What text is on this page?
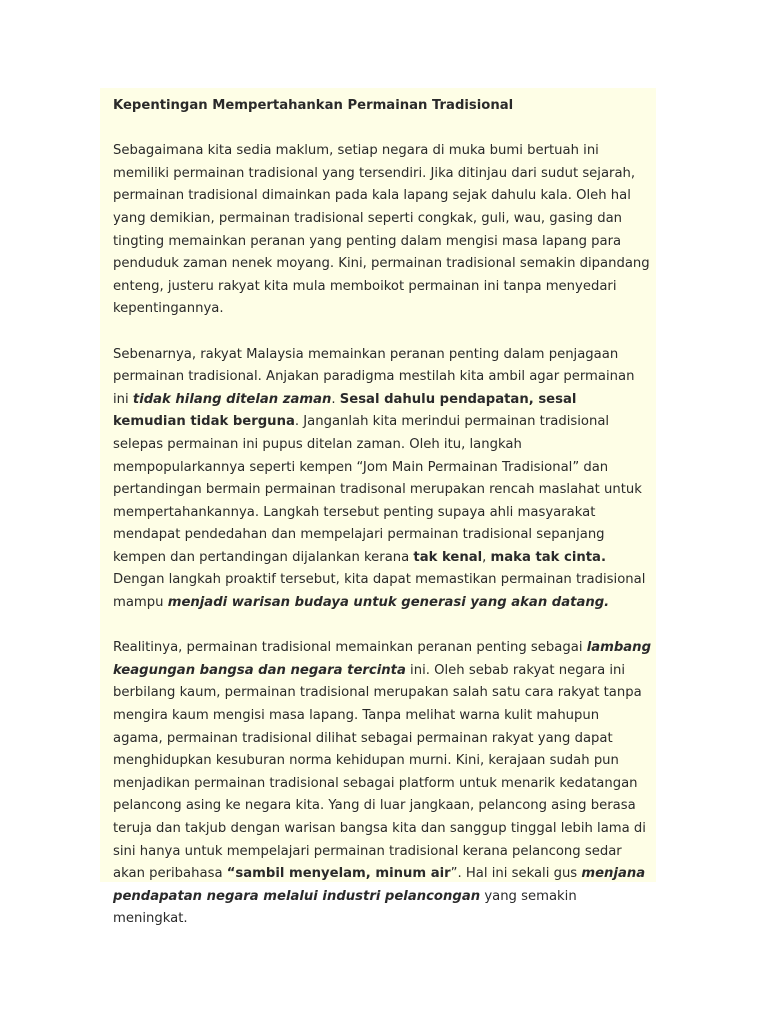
Kepentingan Mempertahankan Permainan Tradisional

Sebagaimana kita sedia maklum, setiap negara di muka bumi bertuah ini memiliki permainan tradisional yang tersendiri. Jika ditinjau dari sudut sejarah, permainan tradisional dimainkan pada kala lapang sejak dahulu kala. Oleh hal yang demikian, permainan tradisional seperti congkak, guli, wau, gasing dan tingting memainkan peranan yang penting dalam mengisi masa lapang para penduduk zaman nenek moyang. Kini, permainan tradisional semakin dipandang enteng, justeru rakyat kita mula memboikot permainan ini tanpa menyedari kepentingannya.

Sebenarnya, rakyat Malaysia memainkan peranan penting dalam penjagaan permainan tradisional. Anjakan paradigma mestilah kita ambil agar permainan ini tidak hilang ditelan zaman. Sesal dahulu pendapatan, sesal kemudian tidak berguna. Janganlah kita merindui permainan tradisional selepas permainan ini pupus ditelan zaman. Oleh itu, langkah mempopularkannya seperti kempen “Jom Main Permainan Tradisional” dan pertandingan bermain permainan tradisonal merupakan rencah maslahat untuk mempertahankannya. Langkah tersebut penting supaya ahli masyarakat mendapat pendedahan dan mempelajari permainan tradisional sepanjang kempen dan pertandingan dijalankan kerana tak kenal, maka tak cinta. Dengan langkah proaktif tersebut, kita dapat memastikan permainan tradisional mampu menjadi warisan budaya untuk generasi yang akan datang.

Realitinya, permainan tradisional memainkan peranan penting sebagai lambang keagungan bangsa dan negara tercinta ini. Oleh sebab rakyat negara ini berbilang kaum, permainan tradisional merupakan salah satu cara rakyat tanpa mengira kaum mengisi masa lapang. Tanpa melihat warna kulit mahupun agama, permainan tradisional dilihat sebagai permainan rakyat yang dapat menghidupkan kesuburan norma kehidupan murni. Kini, kerajaan sudah pun menjadikan permainan tradisional sebagai platform untuk menarik kedatangan pelancong asing ke negara kita. Yang di luar jangkaan, pelancong asing berasa teruja dan takjub dengan warisan bangsa kita dan sanggup tinggal lebih lama di sini hanya untuk mempelajari permainan tradisional kerana pelancong sedar akan peribahasa “sambil menyelam, minum air”. Hal ini sekali gus menjana pendapatan negara melalui industri pelancongan yang semakin meningkat.
